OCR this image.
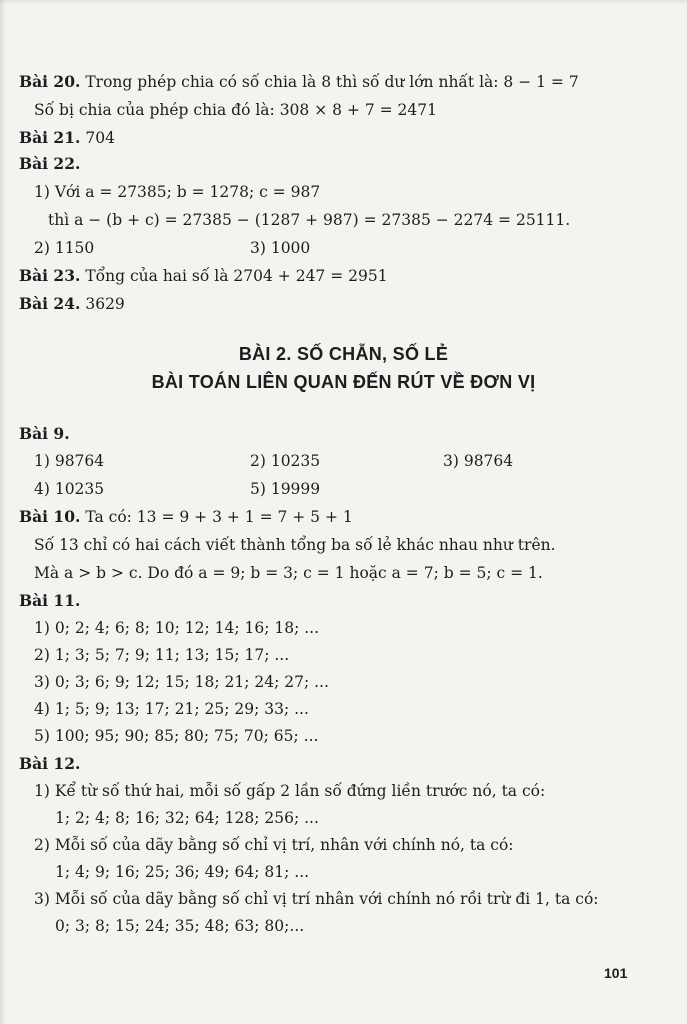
Bài 20. Trong phép chia có số chia là 8 thì số dư lớn nhất là: 8 − 1 = 7
Số bị chia của phép chia đó là: 308 × 8 + 7 = 2471
Bài 21. 704
Bài 22.
1) Với a = 27385; b = 1278; c = 987
thì a − (b + c) = 27385 − (1287 + 987) = 27385 − 2274 = 25111.
2) 1150	3) 1000
Bài 23. Tổng của hai số là 2704 + 247 = 2951
Bài 24. 3629
BÀI 2. SỐ CHẴN, SỐ LẺ
BÀI TOÁN LIÊN QUAN ĐẾN RÚT VỀ ĐƠN VỊ
Bài 9.
1) 98764	2) 10235	3) 98764
4) 10235	5) 19999
Bài 10. Ta có: 13 = 9 + 3 + 1 = 7 + 5 + 1
Số 13 chỉ có hai cách viết thành tổng ba số lẻ khác nhau như trên.
Mà a > b > c. Do đó a = 9; b = 3; c = 1 hoặc a = 7; b = 5; c = 1.
Bài 11.
1) 0; 2; 4; 6; 8; 10; 12; 14; 16; 18; ...
2) 1; 3; 5; 7; 9; 11; 13; 15; 17; ...
3) 0; 3; 6; 9; 12; 15; 18; 21; 24; 27; ...
4) 1; 5; 9; 13; 17; 21; 25; 29; 33; ...
5) 100; 95; 90; 85; 80; 75; 70; 65; ...
Bài 12.
1) Kể từ số thứ hai, mỗi số gấp 2 lần số đứng liền trước nó, ta có:
1; 2; 4; 8; 16; 32; 64; 128; 256; ...
2) Mỗi số của dãy bằng số chỉ vị trí, nhân với chính nó, ta có:
1; 4; 9; 16; 25; 36; 49; 64; 81; ...
3) Mỗi số của dãy bằng số chỉ vị trí nhân với chính nó rồi trừ đi 1, ta có:
0; 3; 8; 15; 24; 35; 48; 63; 80;...
101
